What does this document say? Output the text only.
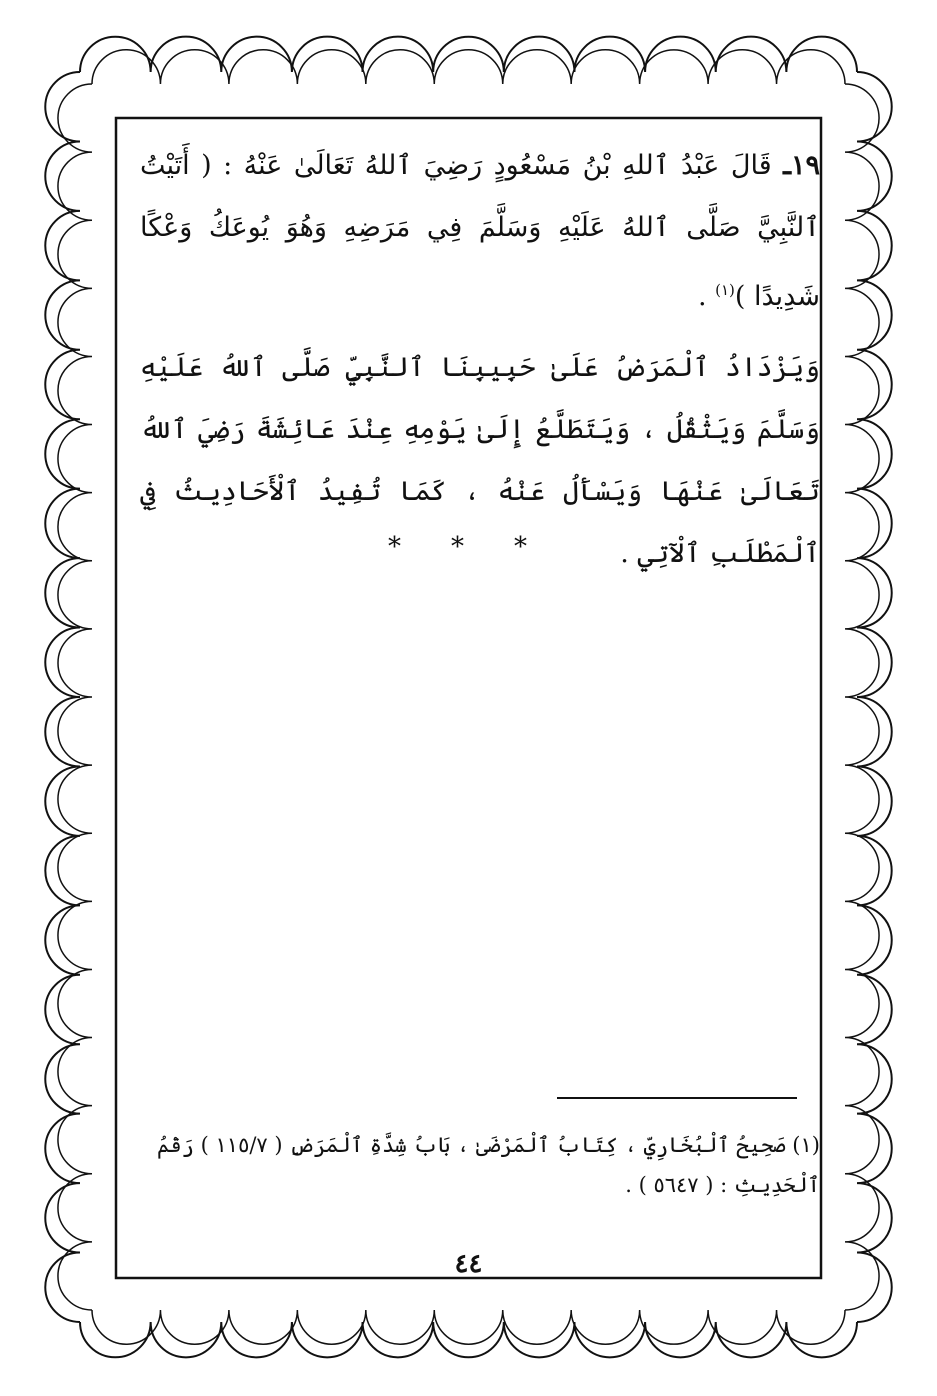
١٩ـ قَالَ عَبْدُ ٱللهِ بْنُ مَسْعُودٍ رَضِيَ ٱللهُ تَعَالَىٰ عَنْهُ : ( أَتَيْتُ ٱلنَّبِيَّ صَلَّى ٱللهُ عَلَيْهِ وَسَلَّمَ فِي مَرَضِهِ وَهُوَ يُوعَكُ وَعْكًا شَدِيدًا )$^{(١)}$ .

وَيَزْدَادُ ٱلْمَرَضُ عَلَىٰ حَبِيبِنَا ٱلنَّبِيِّ صَلَّى ٱللهُ عَلَيْهِ وَسَلَّمَ وَيَثْقُلُ ، وَيَتَطَلَّعُ إِلَىٰ يَوْمِهِ عِنْدَ عَائِشَةَ رَضِيَ ٱللهُ تَعَالَىٰ عَنْهَا وَيَسْأَلُ عَنْهُ ، كَمَا تُفِيدُ ٱلْأَحَادِيثُ فِي ٱلْمَطْلَبِ ٱلْآتِي .

* * *
(١) صَحِيحُ ٱلْبُخَارِيِّ ، كِتَابُ ٱلْمَرْضَىٰ ، بَابُ شِدَّةِ ٱلْمَرَضِ ( ١١٥/٧ ) رَقْمُ ٱلْحَدِيثِ : ( ٥٦٤٧ ) .
٤٤
